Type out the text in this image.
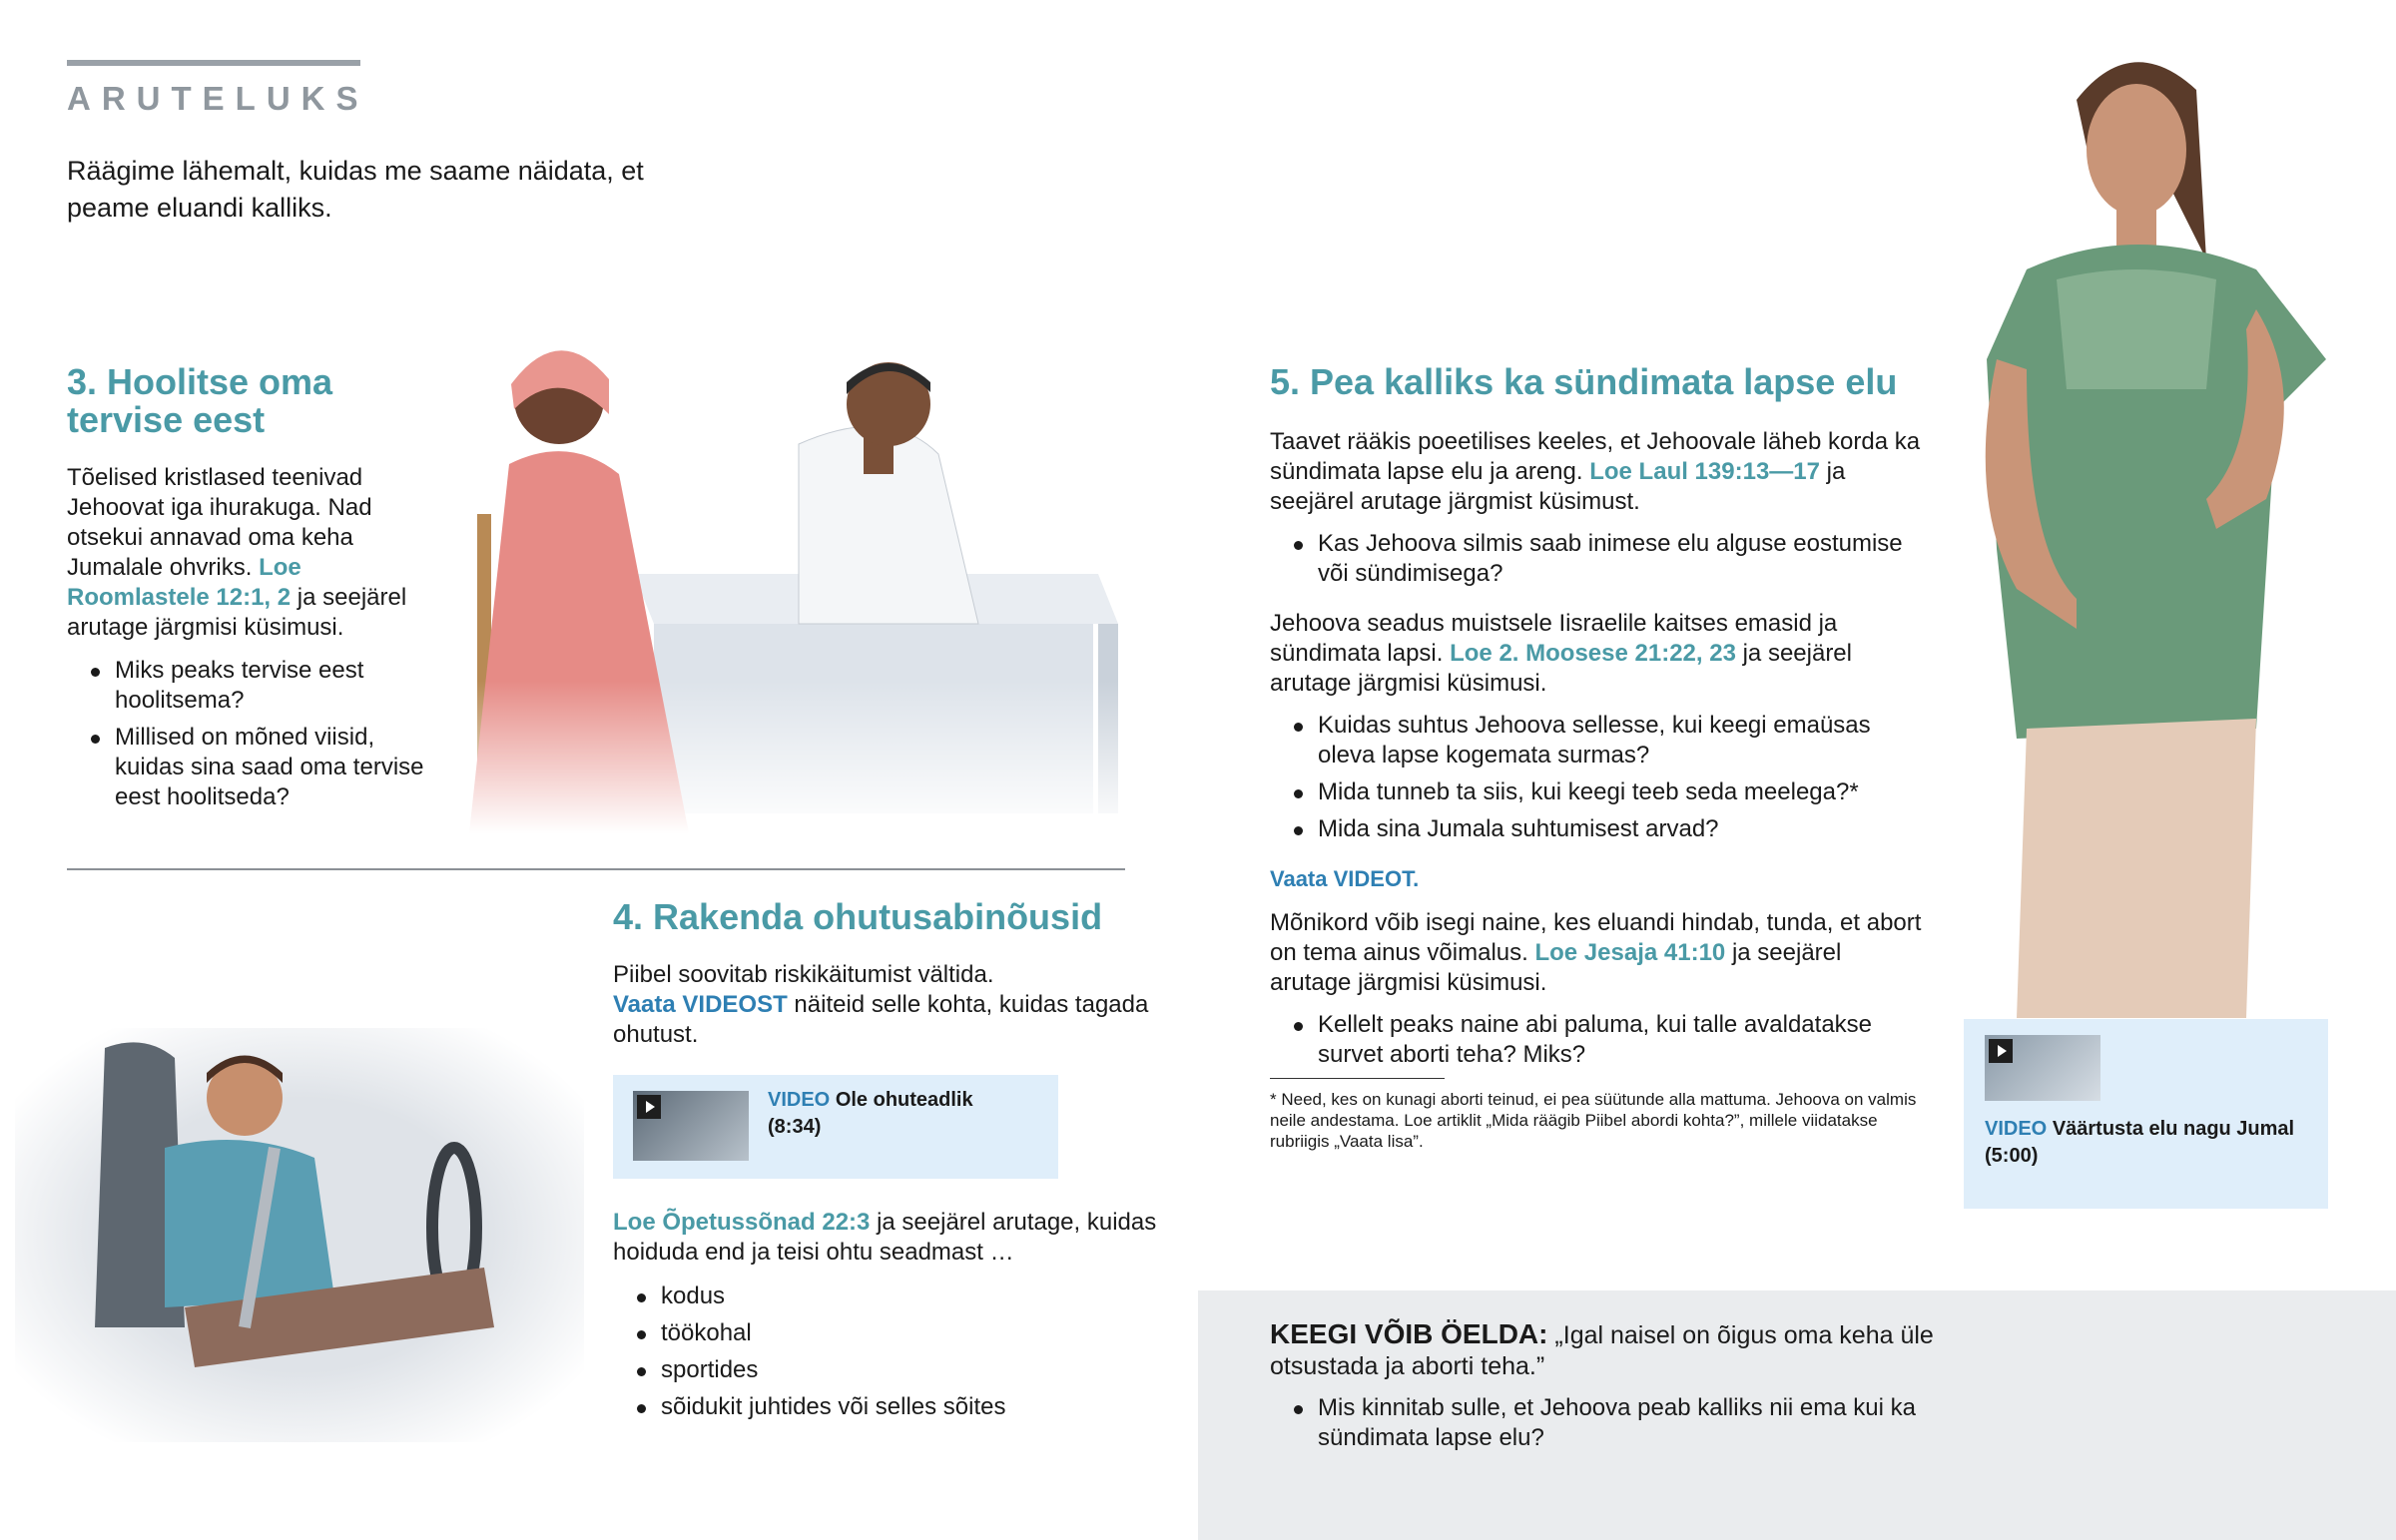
ARUTELUKS

Räägime lähemalt, kuidas me saame näidata, et peame eluandi kalliks.

3. Hoolitse oma
tervise eest

Tõelised kristlased teenivad Jehoovat iga ihurakuga. Nad otsekui annavad oma keha Jumalale ohvriks. Loe Roomlastele 12:1, 2 ja seejärel arutage järgmisi küsimusi.

Miks peaks tervise eest hoolitsema?
Millised on mõned viisid, kuidas sina saad oma tervise eest hoolitseda?
4. Rakenda ohutusabinõusid

Piibel soovitab riskikäitumist vältida.
Vaata VIDEOST näiteid selle kohta, kuidas tagada ohutust.

VIDEO Ole ohuteadlik
(8:34)

Loe Õpetussõnad 22:3 ja seejärel arutage, kuidas hoiduda end ja teisi ohtu seadmast …

kodus
töökohal
sportides
sõidukit juhtides või selles sõites
5. Pea kalliks ka sündimata lapse elu

Taavet rääkis poeetilises keeles, et Jehoovale läheb korda ka sündimata lapse elu ja areng. Loe Laul 139:13—17 ja seejärel arutage järgmist küsimust.

Kas Jehoova silmis saab inimese elu alguse eostumise või sündimisega?

Jehoova seadus muistsele Iisraelile kaitses emasid ja sündimata lapsi. Loe 2. Moosese 21:22, 23 ja seejärel arutage järgmisi küsimusi.

Kuidas suhtus Jehoova sellesse, kui keegi emaüsas oleva lapse kogemata surmas?
Mida tunneb ta siis, kui keegi teeb seda meelega?*
Mida sina Jumala suhtumisest arvad?

Vaata VIDEOT.

Mõnikord võib isegi naine, kes eluandi hindab, tunda, et abort on tema ainus võimalus. Loe Jesaja 41:10 ja seejärel arutage järgmisi küsimusi.

Kellelt peaks naine abi paluma, kui talle avaldatakse survet aborti teha? Miks?

* Need, kes on kunagi aborti teinud, ei pea süütunde alla mattuma. Jehoova on valmis neile andestama. Loe artiklit „Mida räägib Piibel abordi kohta?”, millele viidatakse rubriigis „Vaata lisa”.

VIDEO Väärtusta elu nagu Jumal
(5:00)

KEEGI VÕIB ÖELDA: „Igal naisel on õigus oma keha üle otsustada ja aborti teha.”

Mis kinnitab sulle, et Jehoova peab kalliks nii ema kui ka sündimata lapse elu?
